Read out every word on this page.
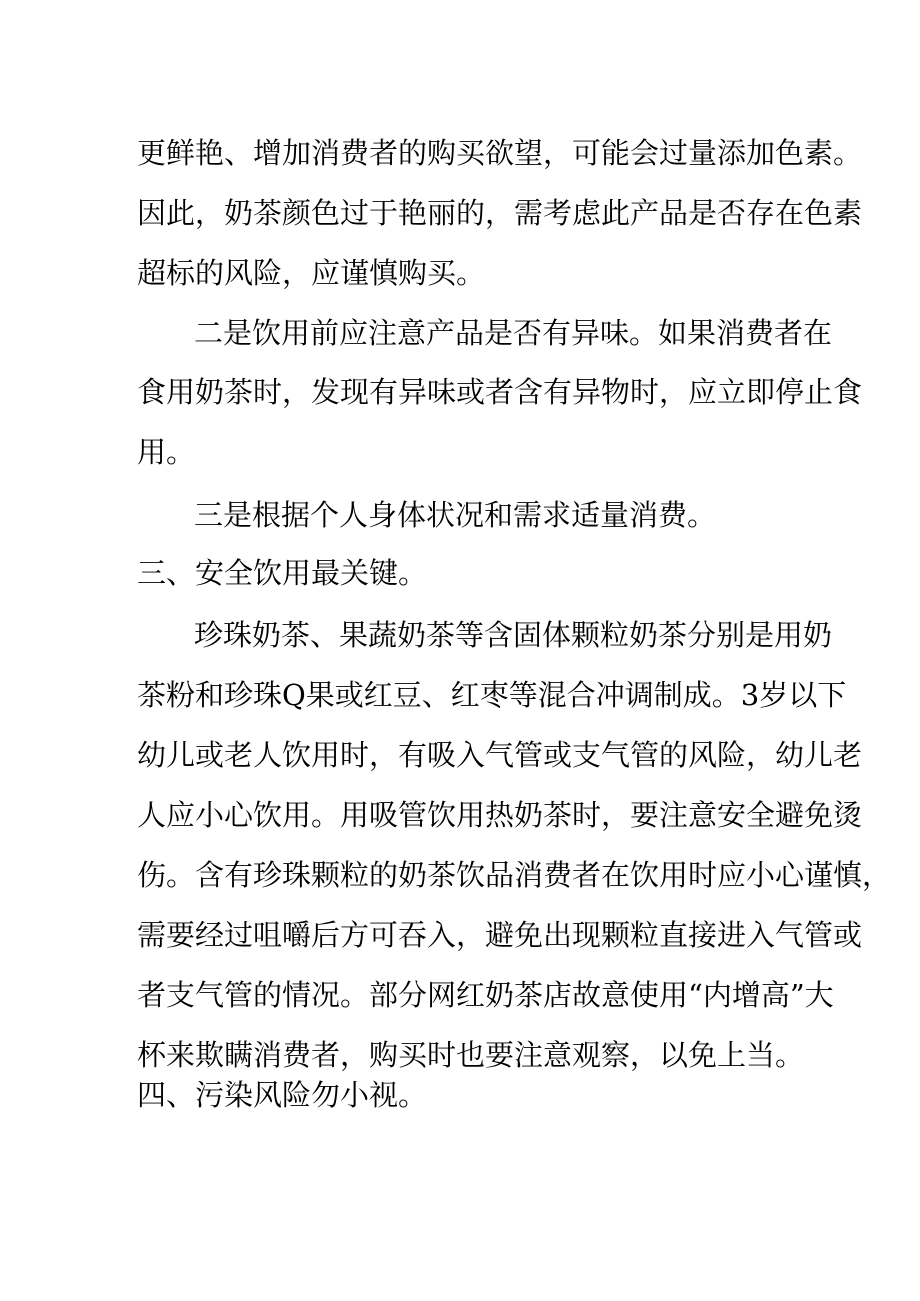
更鲜艳、增加消费者的购买欲望，可能会过量添加色素。

因此，奶茶颜色过于艳丽的，需考虑此产品是否存在色素

超标的风险，应谨慎购买。

二是饮用前应注意产品是否有异味。如果消费者在

食用奶茶时，发现有异味或者含有异物时，应立即停止食

用。

三是根据个人身体状况和需求适量消费。

三、安全饮用最关键。

珍珠奶茶、果蔬奶茶等含固体颗粒奶茶分别是用奶

茶粉和珍珠Q果或红豆、红枣等混合冲调制成。3岁以下

幼儿或老人饮用时，有吸入气管或支气管的风险，幼儿老

人应小心饮用。用吸管饮用热奶茶时，要注意安全避免烫

伤。含有珍珠颗粒的奶茶饮品消费者在饮用时应小心谨慎，

需要经过咀嚼后方可吞入，避免出现颗粒直接进入气管或

者支气管的情况。部分网红奶茶店故意使用“内增高”大

杯来欺瞒消费者，购买时也要注意观察，以免上当。

四、污染风险勿小视。
